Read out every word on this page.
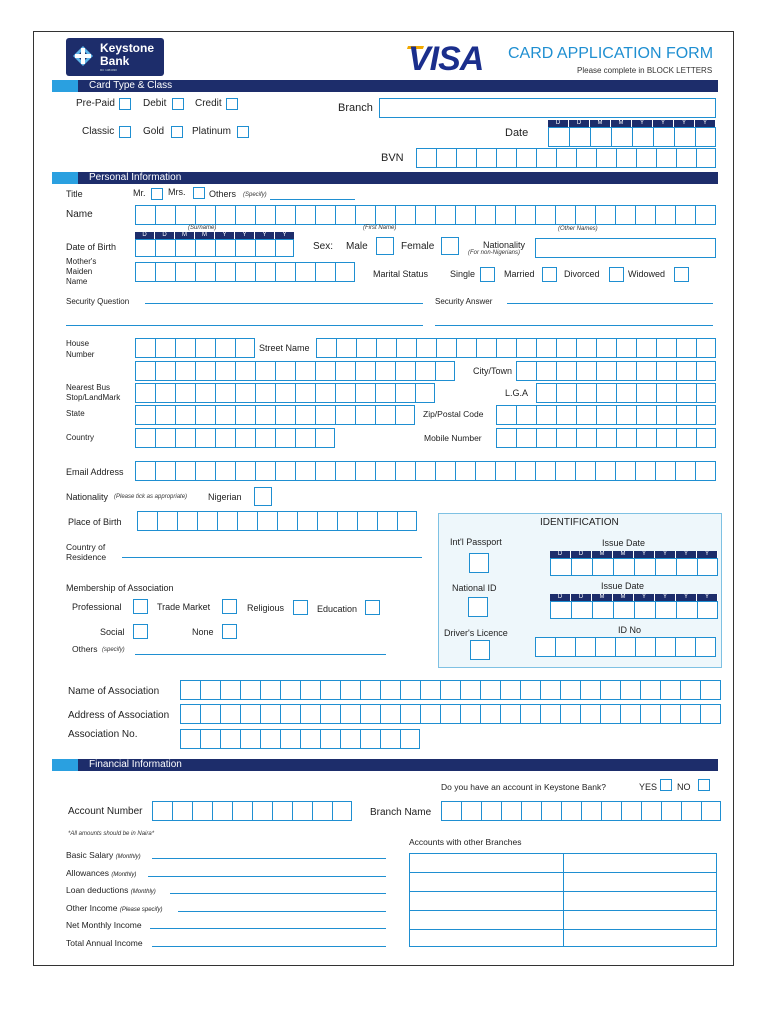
Keystone
Bank
RC 1384030	VISA CARD APPLICATION FORM
Please complete in BLOCK LETTERS
Card Type & Class
Pre-Paid	Debit	Credit
Classic	Gold	Platinum
Branch
Date
D	D	M	M	Y	Y	Y	Y
BVN
Personal Information
Title	Mr.	Mrs.	Others (Specify)
Name
(Surname)	(First Name)	(Other Names)
Date of Birth
D	D	M	M	Y	Y	Y	Y
Sex: Male	Female	Nationality
(For non-Nigerians)
Mother's
Maiden
Name
Marital Status Single	Married	Divorced	Widowed
Security Question	Security Answer
House
Number
Street Name
City/Town
Nearest Bus
Stop/LandMark	L.G.A
State	Zip/Postal Code
Country	Mobile Number
Email Address
Nationality (Please tick as appropriate) Nigerian
Place of Birth
Country of
Residence
Membership of Association
Professional	Trade Market	Religious	Education
Social	None
Others (specify)
IDENTIFICATION
Int'l Passport	Issue Date
D	D	M	M	Y	Y	Y	Y
National ID	Issue Date
D	D	M	M	Y	Y	Y	Y
Driver's Licence	ID No
Name of Association
Address of Association
Association No.
Financial Information
Do you have an account in Keystone Bank?	YES NO
Account Number	Branch Name
*All amounts should be in Naira*
Accounts with other Branches
Basic Salary (Monthly)
Allowances (Monthly)
Loan deductions (Monthly)
Other Income (Please specify)
Net Monthly Income
Total Annual Income
